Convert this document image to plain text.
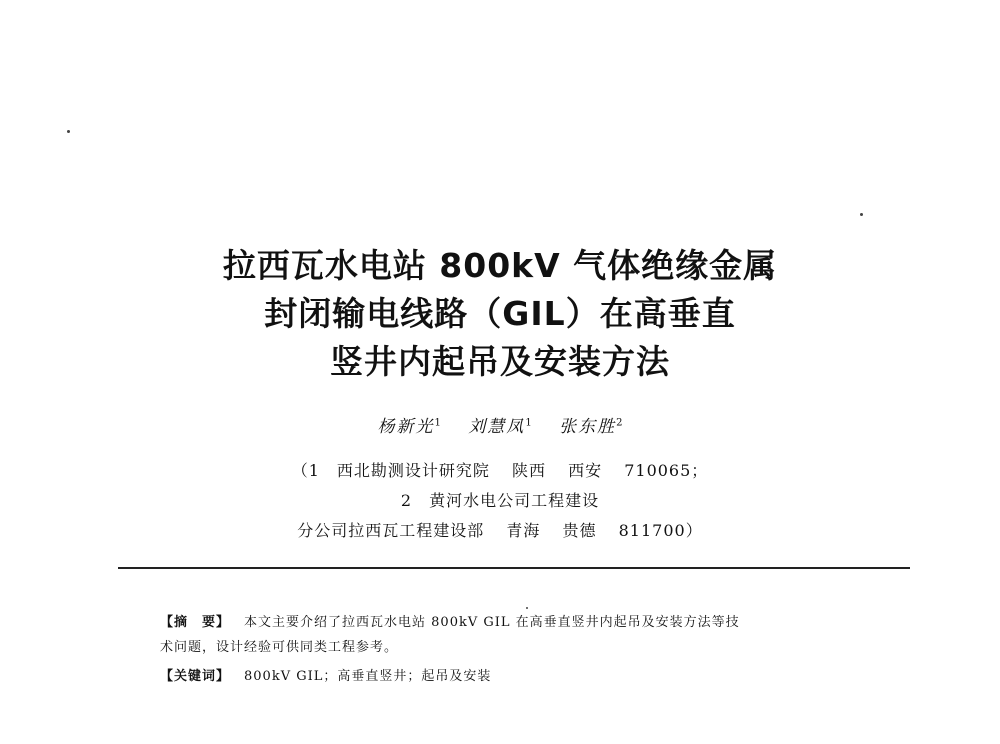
拉西瓦水电站 800kV 气体绝缘金属
封闭输电线路（GIL）在高垂直
竖井内起吊及安装方法
杨新光$^1$ 刘慧凤$^1$ 张东胜$^2$
（1　西北勘测设计研究院 陕西 西安 710065；
2　黄河水电公司工程建设
分公司拉西瓦工程建设部 青海 贵德 811700）
【摘　要】 本文主要介绍了拉西瓦水电站 800kV GIL 在高垂直竖井内起吊及安装方法等技
术问题，设计经验可供同类工程参考。
【关键词】 800kV GIL；高垂直竖井；起吊及安装
